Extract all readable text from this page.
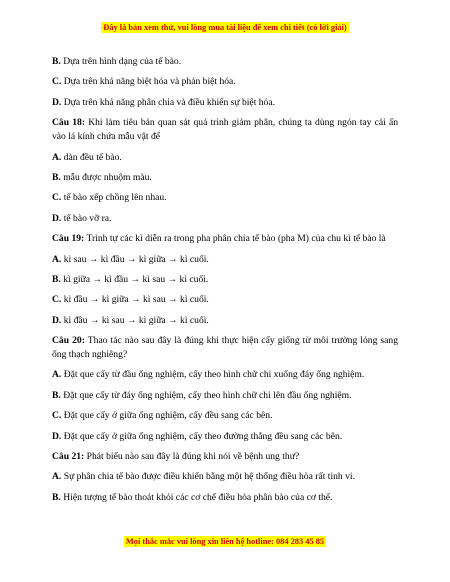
Đây là bản xem thử, vui lòng mua tài liệu để xem chi tiết (có lời giải)
B. Dựa trên hình dạng của tế bào.
C. Dựa trên khả năng biệt hóa và phản biệt hóa.
D. Dựa trên khả năng phân chia và điều khiển sự biệt hóa.
Câu 18: Khi làm tiêu bản quan sát quá trình giảm phân, chúng ta dùng ngón tay cái ấn vào lá kính chứa mẫu vật để
A. dàn đều tế bào.
B. mẫu được nhuộm màu.
C. tế bào xếp chồng lên nhau.
D. tế bào vỡ ra.
Câu 19: Trình tự các kì diễn ra trong pha phân chia tế bào (pha M) của chu kì tế bào là
A. kì sau → kì đầu → kì giữa → kì cuối.
B. kì giữa → kì đầu → kì sau → kì cuối.
C. kì đầu → kì giữa → kì sau → kì cuối.
D. kì đầu → kì sau → kì giữa → kì cuối.
Câu 20: Thao tác nào sau đây là đúng khi thực hiện cấy giống từ môi trường lỏng sang ống thạch nghiêng?
A. Đặt que cấy từ đầu ống nghiệm, cấy theo hình chữ chi xuống đáy ống nghiệm.
B. Đặt que cấy từ đáy ống nghiệm, cấy theo hình chữ chi lên đầu ống nghiệm.
C. Đặt que cấy ở giữa ống nghiệm, cấy đều sang các bên.
D. Đặt que cấy ở giữa ống nghiệm, cấy theo đường thẳng đều sang các bên.
Câu 21: Phát biểu nào sau đây là đúng khi nói về bệnh ung thư?
A. Sự phân chia tế bào được điều khiển bằng một hệ thống điều hòa rất tinh vi.
B. Hiện tượng tế bào thoát khỏi các cơ chế điều hòa phân bào của cơ thể.
Mọi thắc mắc vui lòng xin liên hệ hotline: 084 283 45 85
